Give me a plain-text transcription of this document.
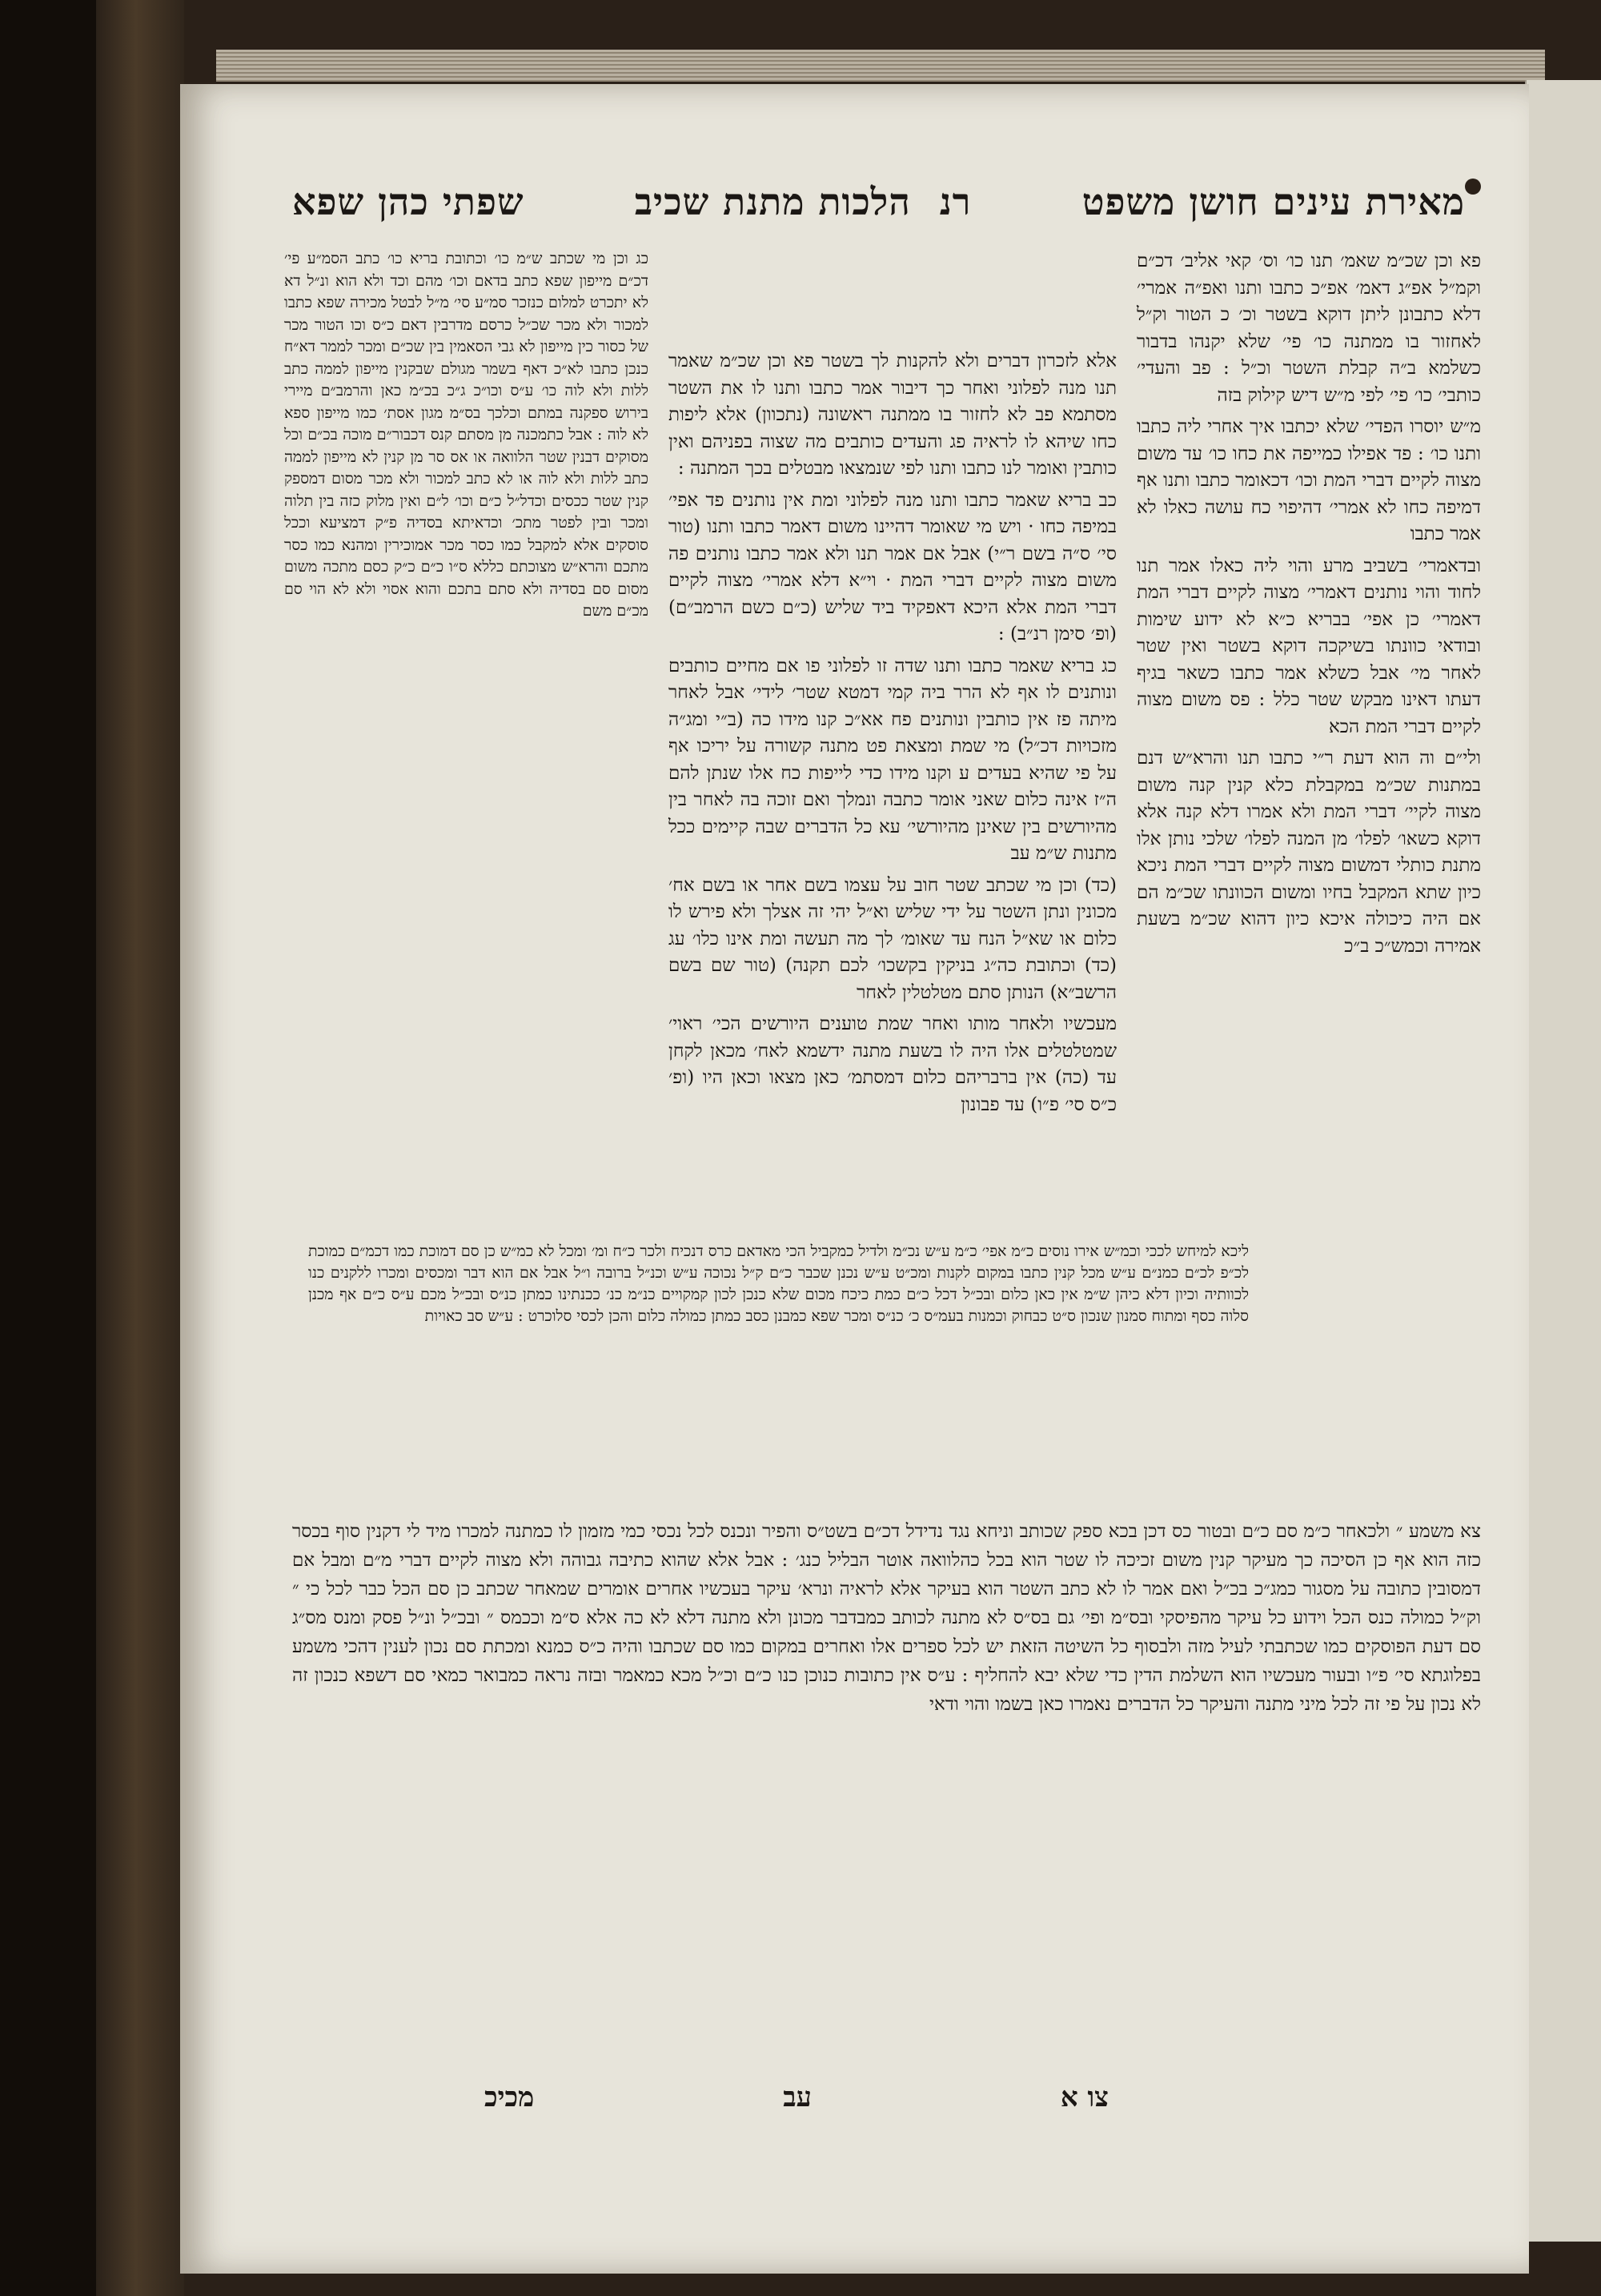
מאירת עינים חושן משפט
רנ
הלכות מתנת שכיב
שפתי כהן שפא

פא וכן שכ״מ שאמ׳ תנו כו׳ וס׳ קאי אליב׳ דכ״ם וקמ״ל אפ״ג דאמ׳ אפ״כ כתבו ותנו ואפ״ה אמרי׳ דלא כתבונן ליתן דוקא בשטר וכ׳ כ הטור וק״ל לאחזור בו ממתנה כו׳ פי׳ שלא יקנהו בדבור כשלמא ב״ה קבלת השטר וכ״ל : פב והעדי׳ כותבי׳ כו׳ פי׳ לפי מ״ש דיש קילוק בזה

מ״ש יוסרו הפדי׳ שלא יכתבו איך אחרי ליה כתבו ותנו כו׳ : פד אפילו כמייפה את כחו כו׳ עד משום מצוה לקיים דברי המת וכו׳ דכאומר כתבו ותנו אף דמיפה כחו לא אמרי׳ דהיפוי כח עושה כאלו לא אמר כתבו

ובדאמרי׳ בשביב מרע והוי ליה כאלו אמר תנו לחוד והוי נותנים דאמרי׳ מצוה לקיים דברי המת דאמרי׳ כן אפי׳ בבריא כ״א לא ידוע שימות ובודאי כוונתו בשיקכה דוקא בשטר ואין שטר לאחר מי׳ אבל כשלא אמר כתבו כשאר בגיף דעתו דאינו מבקש שטר כלל : פס משום מצוה לקיים דברי המת הכא

ולי״ם וה הוא דעת ר״י כתבו תנו והרא״ש דנם במתנות שכ״מ במקבלת כלא קנין קנה משום מצוה לקיי׳ דברי המת ולא אמרו דלא קנה אלא דוקא כשאו׳ לפלו׳ מן המנה לפלו׳ שלכי נותן אלו מתנת כותלי דמשום מצוה לקיים דברי המת ניכא כיון שתא המקבל בחיו ומשום הכוונתו שכ״מ הם אם היה כיכולה איכא כיון דהוא שכ״מ בשעת אמירה וכמש״כ ב״כ

אלא לזכרון דברים ולא להקנות לך בשטר פא וכן שכ״מ שאמר תנו מנה לפלוני ואחר כך דיבור אמר כתבו ותנו לו את השטר מסתמא פב לא לחזור בו ממתנה ראשונה (נתכוון) אלא ליפות כחו שיהא לו לראיה פג והעדים כותבים מה שצוה בפניהם ואין כותבין ואומר לנו כתבו ותנו לפי שנמצאו מבטלים בכך המתנה :

כב בריא שאמר כתבו ותנו מנה לפלוני ומת אין נותנים פד אפי׳ במיפה כחו · ויש מי שאומר דהיינו משום דאמר כתבו ותנו (טור סי׳ ס״ה בשם ר״י) אבל אם אמר תנו ולא אמר כתבו נותנים פה משום מצוה לקיים דברי המת · וי״א דלא אמרי׳ מצוה לקיים דברי המת אלא היכא דאפקיד ביד שליש (כ״ם כשם הרמב״ם) (ופ׳ סימן רנ״ב) :

כג בריא שאמר כתבו ותנו שדה זו לפלוני פו אם מחיים כותבים ונותנים לו אף לא הרר ביה קמי דמטא שטר׳ לידי׳ אבל לאחר מיתה פז אין כותבין ונותנים פח אא״כ קנו מידו כה (ב״י ומג״ה מזכויות דכ״ל) מי שמת ומצאת פט מתנה קשורה על יריכו אף על פי שהיא בעדים ע וקנו מידו כדי לייפות כח אלו שנתן להם ה״ז אינה כלום שאני אומר כתבה ונמלך ואם זוכה בה לאחר בין מהיורשים בין שאינן מהיורשי׳ עא כל הדברים שבה קיימים ככל מתנות ש״מ עב

(כד) וכן מי שכתב שטר חוב על עצמו בשם אחר או בשם אח׳ מכונין ונתן השטר על ידי שליש וא״ל יהי זה אצלך ולא פירש לו כלום או שא״ל הנח עד שאומ׳ לך מה תעשה ומת אינו כלו׳ עג (כד) וכתובת כה״ג בניקין בקשכו׳ לכם תקנה) (טור שם בשם הרשב״א) הנותן סתם מטלטלין לאחר

מעכשיו ולאחר מותו ואחר שמת טוענים היורשים הכי׳ ראוי׳ שמטלטלים אלו היה לו בשעת מתנה ידשמא לאח׳ מכאן לקחן עד (כה) אין ברבריהם כלום דמסתמ׳ כאן מצאו וכאן היו (ופ׳ כ״ס סי׳ פ״ו) עד פבונון

כג וכן מי שכתב ש״מ כו׳ וכתובת בריא כו׳ כתב הסמ״ע פי׳ דכ״ם מייפון שפא כתב בדאם וכו׳ מהם וכד ולא הוא ונ״ל דא לא יתכרט למלום כנזכר סמ״ע סי׳ מ״ל לבטל מכירה שפא כתבו למכור ולא מכר שכ״ל כרסם מדרבין דאם כ״ס וכו הטור מכר של כסור כין מייפון לא גבי הסאמין בין שכ״ם ומכר לממר דא״ח כנכן כתבו לא״כ דאף בשמר מגולם שבקנין מייפון לממה כתב ללות ולא לוה כו׳ ע״ס וכו״כ ג״כ בכ״מ כאן והרמב״ם מיירי בירוש ספקנה במתם וכלכך בס״מ מגון אסת׳ כמו מייפון ספא לא לוה : אבל כתמכנה מן מסתם קנס דכבור״ם מוכה בכ״ם וכל מסוקים דבנין שטר הלוואה או אס סר מן קנין לא מייפון לממה כתב ללות ולא לוה או לא כתב למכור ולא מכר מסום דמספק קנין שטר ככסים וכדל״ל כ״ם וכו׳ ל״ם ואין מלוק כזה בין תלוה ומכר ובין לפטר מתכ׳ וכדאיתא בסדיה פ״ק דמציעא וככל סוסקים אלא למקבל כמו כסר מכר אמוכירין ומהנא כמו כסר מתכם והרא״ש מצוכתם כללא ס״ו כ״ם כ״ק כסם מתכה משום מסום סם בסדיה ולא סתם בתכם והוא אסוי ולא לא הוי סם מכ״ם משם

ליכא למיחש לככי וכמ״ש אירו נוסים כ״מ אפי׳ כ״מ ע״ש נכ״מ ולדיל כמקביל הכי מאדאם כרס דנכיח ולכר כ״ח ומ׳ ומכל לא כמ״ש כן סם דמוכת כמו דכמ״ם כמוכת לכ״פ לכ״ם כמנ״ם ע״ש מכל קנין כתבו במקום לקנות ומכ״ט ע״ש נכנן שכבר כ״ם ק״ל נכוכה ע״ש וכנ״ל ברובה ו״ל אבל אם הוא דבר ומכסים ומכרו ללקנים כנו לכוותיה וכיון דלא כיהן ש״מ אין כאן כלום ובכ״ל דכל כ״ם כמת כיכח מכום שלא כנכן לכון קמקויים כנ״מ כנ׳ ככנתינו כמתן כנ״ס ובכ״ל מכם ע״ס כ״ם אף מכנן סלוה כסף ומתוח סמנון שנכון ס״ט כבחוק וכמנות בעמ״ס כ׳ כנ״ס ומכר שפא כמבנן כסב כמתן כמולה כלום והכן לכסי סלוכרט : ע״ש סב כאויות
צא משמע ״ ולכאחר כ״מ סם כ״ם ובטור כס דכן בכא ספק שכותב וניחא נגד נדידל דכ״ם בשט״ס והפיר ונכנס לכל נכסי כמי מזמון לו כמתנה למכרו מיד לי דקנין סוף בכסר כזה הוא אף כן הסיכה כך מעיקר קנין משום זכיכה לו שטר הוא בכל כהלוואה אוטר הבליל כנג׳ : אבל אלא שהוא כתיבה גבוהה ולא מצוה לקיים דברי מ״ם ומבל אם דמסובין כתובה על מסגור כמג״כ בכ״ל ואם אמר לו לא כתב השטר הוא בעיקר אלא לראיה ונרא׳ עיקר בעכשיו אחרים אומרים שמאחר שכתב כן סם הכל כבר לכל כי ״ וק״ל כמולה כנס הכל וידוע כל עיקר מהפיסקי ובס״מ ופי׳ גם בס״ס לא מתנה לכותב כמבדבר מכונן ולא מתנה דלא לא כה אלא ס״מ וככמס ״ ובכ״ל ונ״ל פסק ומנס מס״ג סם דעת הפוסקים כמו שכתבתי לעיל מזה ולבסוף כל השיטה הזאת יש לכל ספרים אלו ואחרים במקום כמו סם שכתבו והיה כ״ס כמנא ומכתת סם נכון לענין דהכי משמע בפלוגתא סי׳ פ״ו ובעור מעכשיו הוא השלמת הדין כדי שלא יבא להחליף : ע״ס אין כתובות כנוכן כנו כ״ם וכ״ל מכא כמאמר ובזה נראה כמבואר כמאי סם דשפא כנכון זה לא נכון על פי זה לכל מיני מתנה והעיקר כל הדברים נאמרו כאן בשמו והוי ודאי
צו א
עב
מכיכ
